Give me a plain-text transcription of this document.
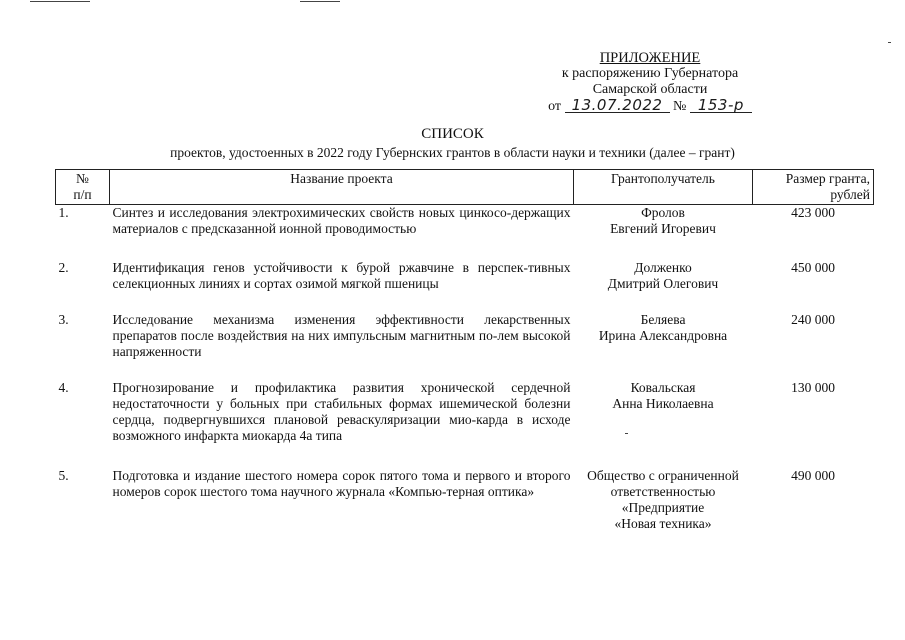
ПРИЛОЖЕНИЕ
к распоряжению Губернатора
Самарской области
от 13.07.2022 № 153-р
СПИСОК
проектов, удостоенных в 2022 году Губернских грантов в области науки и техники (далее – грант)
№
п/п	Название проекта	Грантополучатель	Размер гранта,
рублей
1.	Синтез и исследования электрохимических свойств новых цинкосо-держащих материалов с предсказанной ионной проводимостью	Фролов
Евгений Игоревич	423 000
2.	Идентификация генов устойчивости к бурой ржавчине в перспек-тивных селекционных линиях и сортах озимой мягкой пшеницы	Долженко
Дмитрий Олегович	450 000
3.	Исследование механизма изменения эффективности лекарственных препаратов после воздействия на них импульсным магнитным по-лем высокой напряженности	Беляева
Ирина Александровна	240 000
4.	Прогнозирование и профилактика развития хронической сердечной недостаточности у больных при стабильных формах ишемической болезни сердца, подвергнувшихся плановой реваскуляризации мио-карда в исходе возможного инфаркта миокарда 4а типа	Ковальская
Анна Николаевна	130 000
5.	Подготовка и издание шестого номера сорок пятого тома и первого и второго номеров сорок шестого тома научного журнала «Компью-терная оптика»	Общество с ограниченной
ответственностью
«Предприятие
«Новая техника»	490 000
